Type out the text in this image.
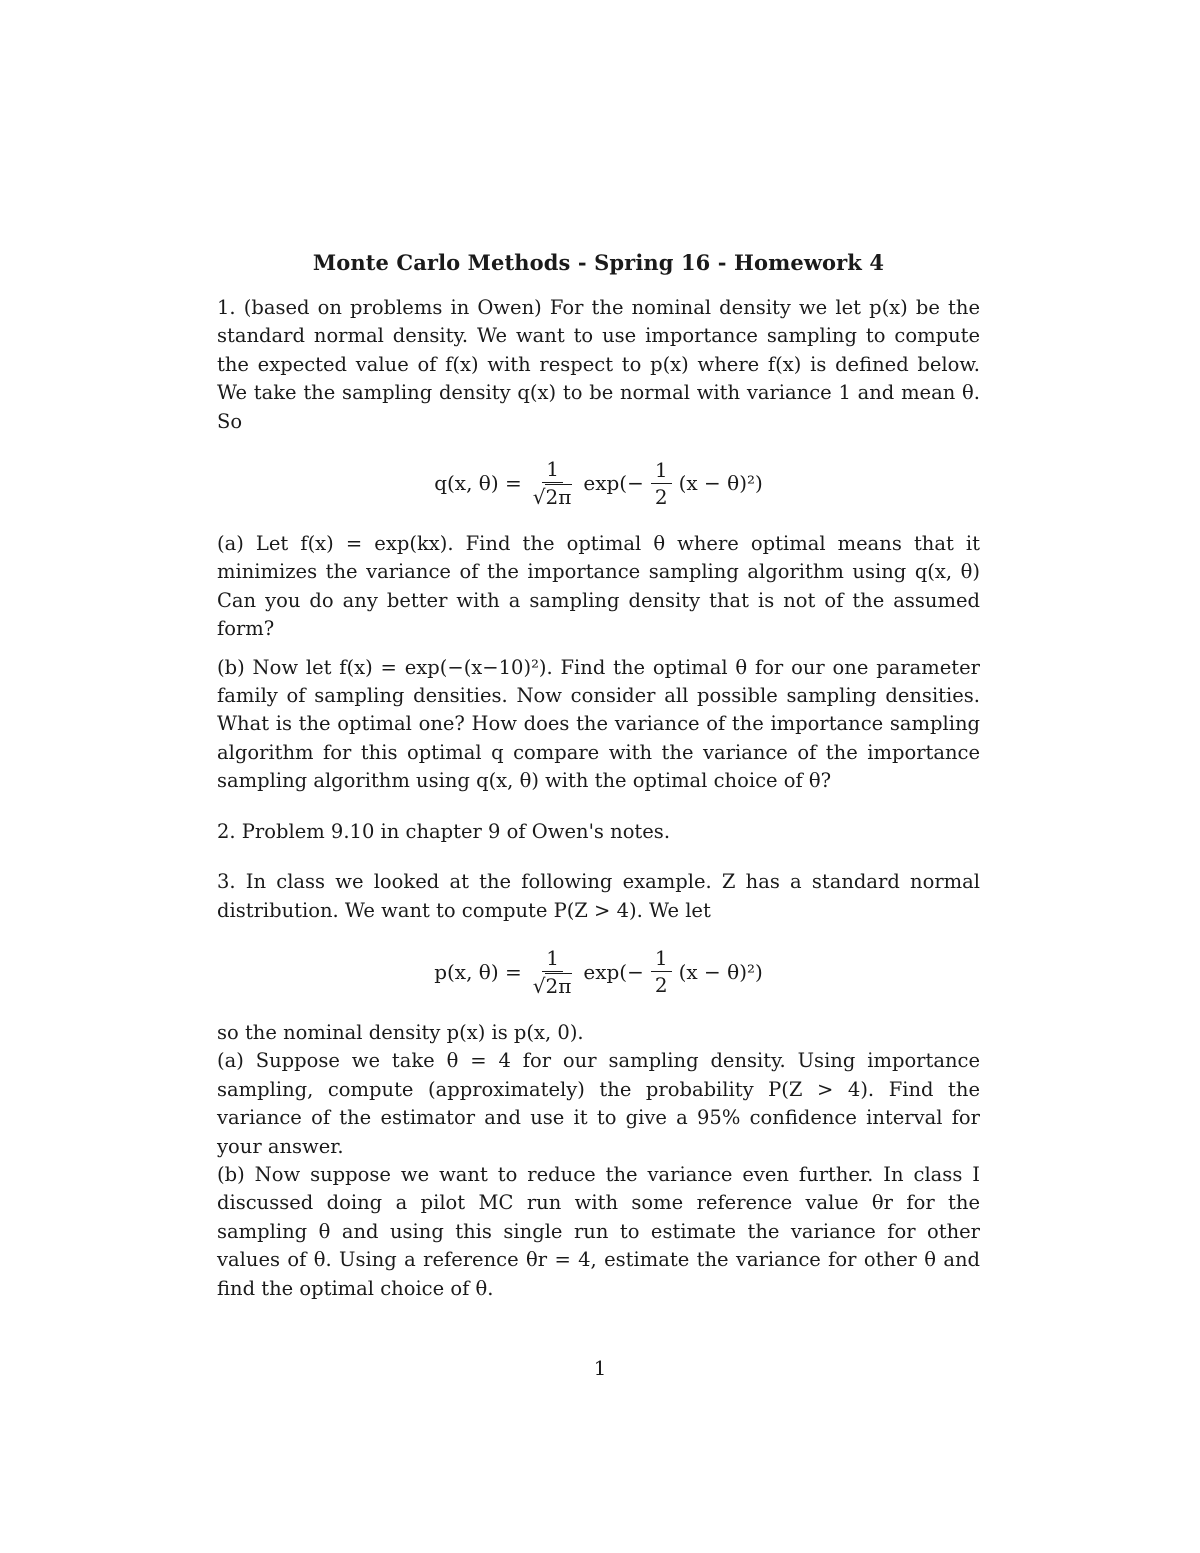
Monte Carlo Methods - Spring 16 - Homework 4

1. (based on problems in Owen) For the nominal density we let p(x) be the standard normal density. We want to use importance sampling to compute the expected value of f(x) with respect to p(x) where f(x) is defined below. We take the sampling density q(x) to be normal with variance 1 and mean θ. So

q(x, $\theta) = \frac{1}{√ 2\pi} \exp(- \frac{1}{2} (x - \theta)^2)$

(a) Let f(x) = exp(kx). Find the optimal θ where optimal means that it minimizes the variance of the importance sampling algorithm using q(x, θ) Can you do any better with a sampling density that is not of the assumed form?

(b) Now let f(x) = exp(−(x−10)²). Find the optimal θ for our one parameter family of sampling densities. Now consider all possible sampling densities. What is the optimal one? How does the variance of the importance sampling algorithm for this optimal q compare with the variance of the importance sampling algorithm using q(x, θ) with the optimal choice of θ?

2. Problem 9.10 in chapter 9 of Owen's notes.

3. In class we looked at the following example. Z has a standard normal distribution. We want to compute P(Z > 4). We let

p(x, $\theta) = \frac{1}{√ 2\pi} \exp(- \frac{1}{2} (x - \theta)^2)$

so the nominal density p(x) is p(x, 0).

(a) Suppose we take θ = 4 for our sampling density. Using importance sampling, compute (approximately) the probability P(Z > 4). Find the variance of the estimator and use it to give a 95% confidence interval for your answer.

(b) Now suppose we want to reduce the variance even further. In class I discussed doing a pilot MC run with some reference value θr for the sampling θ and using this single run to estimate the variance for other values of θ. Using a reference θr = 4, estimate the variance for other θ and find the optimal choice of θ.

1
